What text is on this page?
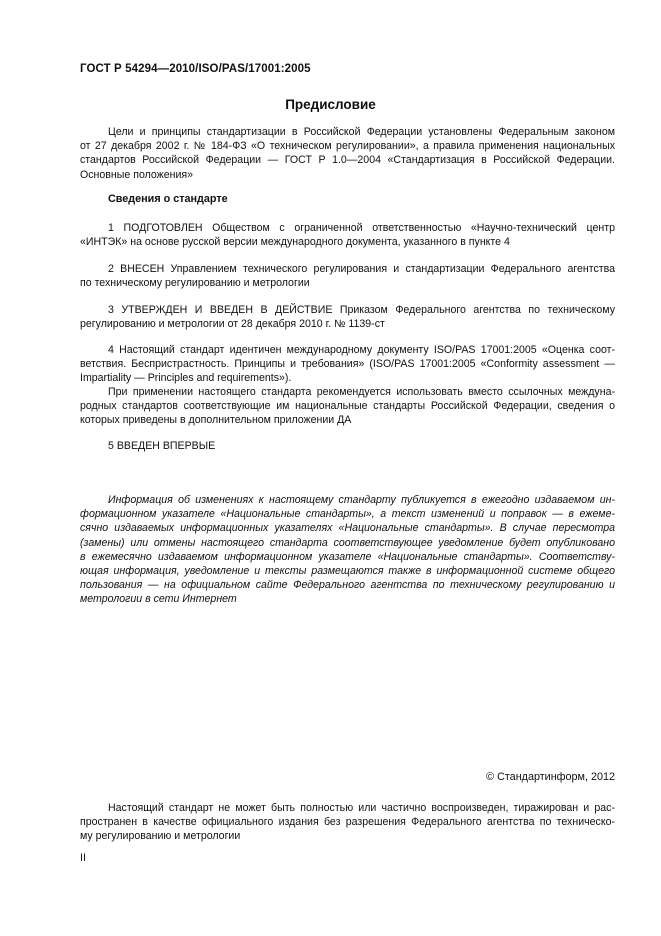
ГОСТ Р 54294—2010/ISO/PAS/17001:2005
Предисловие
Цели и принципы стандартизации в Российской Федерации установлены Федеральным законом
от 27 декабря 2002 г. № 184-ФЗ «О техническом регулировании», а правила применения национальных
стандартов Российской Федерации — ГОСТ Р 1.0—2004 «Стандартизация в Российской Федерации.
Основные положения»
Сведения о стандарте
1 ПОДГОТОВЛЕН Обществом с ограниченной ответственностью «Научно-технический центр
«ИНТЭК» на основе русской версии международного документа, указанного в пункте 4
2 ВНЕСЕН Управлением технического регулирования и стандартизации Федерального агентства
по техническому регулированию и метрологии
3 УТВЕРЖДЕН И ВВЕДЕН В ДЕЙСТВИЕ Приказом Федерального агентства по техническому
регулированию и метрологии от 28 декабря 2010 г. № 1139-ст
4 Настоящий стандарт идентичен международному документу ISO/PAS 17001:2005 «Оценка соот-
ветствия. Беспристрастность. Принципы и требования» (ISO/PAS 17001:2005 «Conformity assessment —
Impartiality — Principles and requirements»).
При применении настоящего стандарта рекомендуется использовать вместо ссылочных междуна-
родных стандартов соответствующие им национальные стандарты Российской Федерации, сведения о
которых приведены в дополнительном приложении ДА
5 ВВЕДЕН ВПЕРВЫЕ
Информация об изменениях к настоящему стандарту публикуется в ежегодно издаваемом ин-
формационном указателе «Национальные стандарты», а текст изменений и поправок — в ежеме-
сячно издаваемых информационных указателях «Национальные стандарты». В случае пересмотра
(замены) или отмены настоящего стандарта соответствующее уведомление будет опубликовано
в ежемесячно издаваемом информационном указателе «Национальные стандарты». Соответству-
ющая информация, уведомление и тексты размещаются также в информационной системе общего
пользования — на официальном сайте Федерального агентства по техническому регулированию и
метрологии в сети Интернет
© Стандартинформ, 2012
Настоящий стандарт не может быть полностью или частично воспроизведен, тиражирован и рас-
пространен в качестве официального издания без разрешения Федерального агентства по техническо-
му регулированию и метрологии
II
